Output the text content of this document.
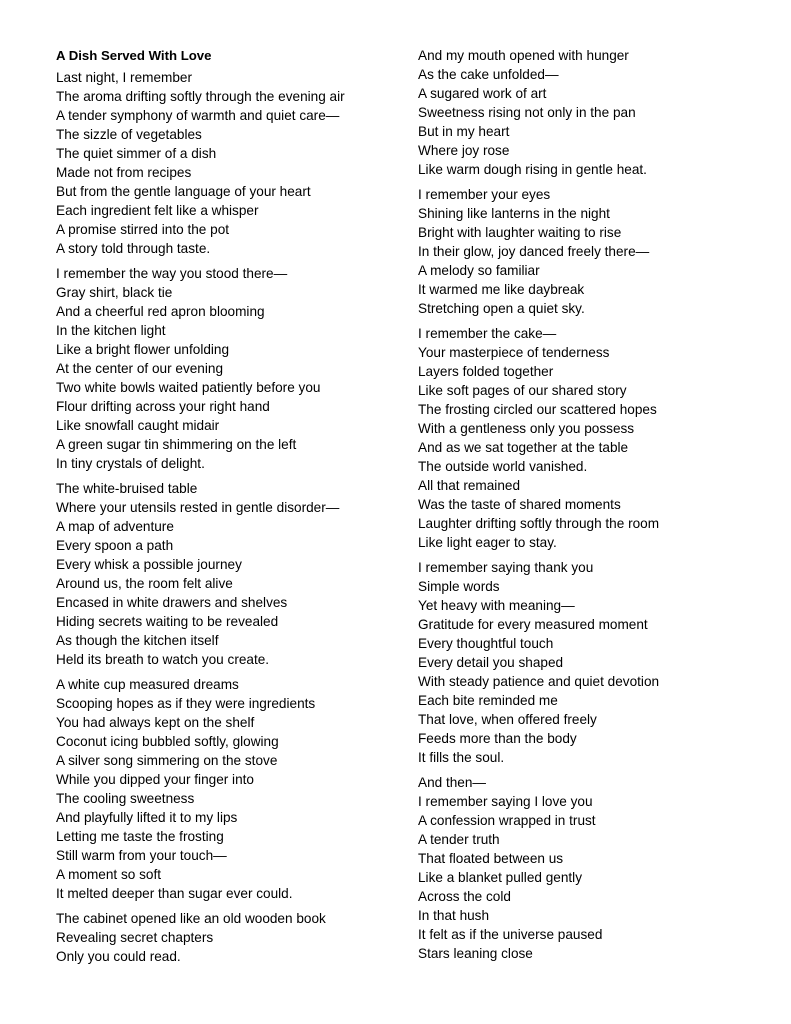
A Dish Served With Love
Last night, I remember
The aroma drifting softly through the evening air
A tender symphony of warmth and quiet care—
The sizzle of vegetables
The quiet simmer of a dish
Made not from recipes
But from the gentle language of your heart
Each ingredient felt like a whisper
A promise stirred into the pot
A story told through taste.
I remember the way you stood there—
Gray shirt, black tie
And a cheerful red apron blooming
In the kitchen light
Like a bright flower unfolding
At the center of our evening
Two white bowls waited patiently before you
Flour drifting across your right hand
Like snowfall caught midair
A green sugar tin shimmering on the left
In tiny crystals of delight.
The white-bruised table
Where your utensils rested in gentle disorder—
A map of adventure
Every spoon a path
Every whisk a possible journey
Around us, the room felt alive
Encased in white drawers and shelves
Hiding secrets waiting to be revealed
As though the kitchen itself
Held its breath to watch you create.
A white cup measured dreams
Scooping hopes as if they were ingredients
You had always kept on the shelf
Coconut icing bubbled softly, glowing
A silver song simmering on the stove
While you dipped your finger into
The cooling sweetness
And playfully lifted it to my lips
Letting me taste the frosting
Still warm from your touch—
A moment so soft
It melted deeper than sugar ever could.
The cabinet opened like an old wooden book
Revealing secret chapters
Only you could read.
And my mouth opened with hunger
As the cake unfolded—
A sugared work of art
Sweetness rising not only in the pan
But in my heart
Where joy rose
Like warm dough rising in gentle heat.
I remember your eyes
Shining like lanterns in the night
Bright with laughter waiting to rise
In their glow, joy danced freely there—
A melody so familiar
It warmed me like daybreak
Stretching open a quiet sky.
I remember the cake—
Your masterpiece of tenderness
Layers folded together
Like soft pages of our shared story
The frosting circled our scattered hopes
With a gentleness only you possess
And as we sat together at the table
The outside world vanished.
All that remained
Was the taste of shared moments
Laughter drifting softly through the room
Like light eager to stay.
I remember saying thank you
Simple words
Yet heavy with meaning—
Gratitude for every measured moment
Every thoughtful touch
Every detail you shaped
With steady patience and quiet devotion
Each bite reminded me
That love, when offered freely
Feeds more than the body
It fills the soul.
And then—
I remember saying I love you
A confession wrapped in trust
A tender truth
That floated between us
Like a blanket pulled gently
Across the cold
In that hush
It felt as if the universe paused
Stars leaning close
